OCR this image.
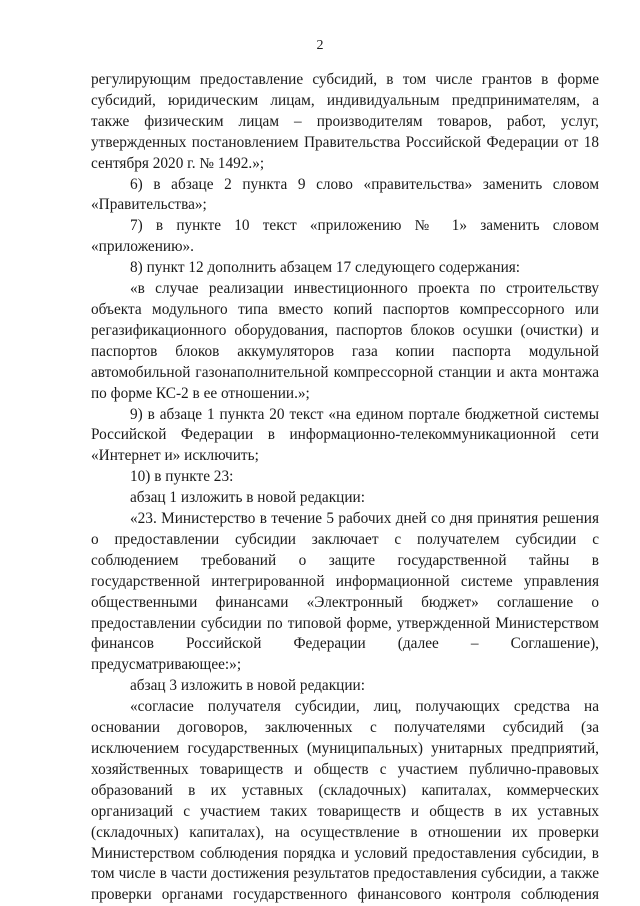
2

регулирующим предоставление субсидий, в том числе грантов в форме субсидий, юридическим лицам, индивидуальным предпринимателям, а также физическим лицам – производителям товаров, работ, услуг, утвержденных постановлением Правительства Российской Федерации от 18 сентября 2020 г. № 1492.»;

6) в абзаце 2 пункта 9 слово «правительства» заменить словом «Правительства»;

7) в пункте 10 текст «приложению № 1» заменить словом «приложению».

8) пункт 12 дополнить абзацем 17 следующего содержания:

«в случае реализации инвестиционного проекта по строительству объекта модульного типа вместо копий паспортов компрессорного или регазификационного оборудования, паспортов блоков осушки (очистки) и паспортов блоков аккумуляторов газа копии паспорта модульной автомобильной газонаполнительной компрессорной станции и акта монтажа по форме КС-2 в ее отношении.»;

9) в абзаце 1 пункта 20 текст «на едином портале бюджетной системы Российской Федерации в информационно-телекоммуникационной сети «Интернет и» исключить;

10) в пункте 23:

абзац 1 изложить в новой редакции:

«23. Министерство в течение 5 рабочих дней со дня принятия решения о предоставлении субсидии заключает с получателем субсидии с соблюдением требований о защите государственной тайны в государственной интегрированной информационной системе управления общественными финансами «Электронный бюджет» соглашение о предоставлении субсидии по типовой форме, утвержденной Министерством финансов Российской Федерации (далее – Соглашение), предусматривающее:»;

абзац 3 изложить в новой редакции:

«согласие получателя субсидии, лиц, получающих средства на основании договоров, заключенных с получателями субсидий (за исключением государственных (муниципальных) унитарных предприятий, хозяйственных товариществ и обществ с участием публично-правовых образований в их уставных (складочных) капиталах, коммерческих организаций с участием таких товариществ и обществ в их уставных (складочных) капиталах), на осуществление в отношении их проверки Министерством соблюдения порядка и условий предоставления субсидии, в том числе в части достижения результатов предоставления субсидии, а также проверки органами государственного финансового контроля соблюдения
